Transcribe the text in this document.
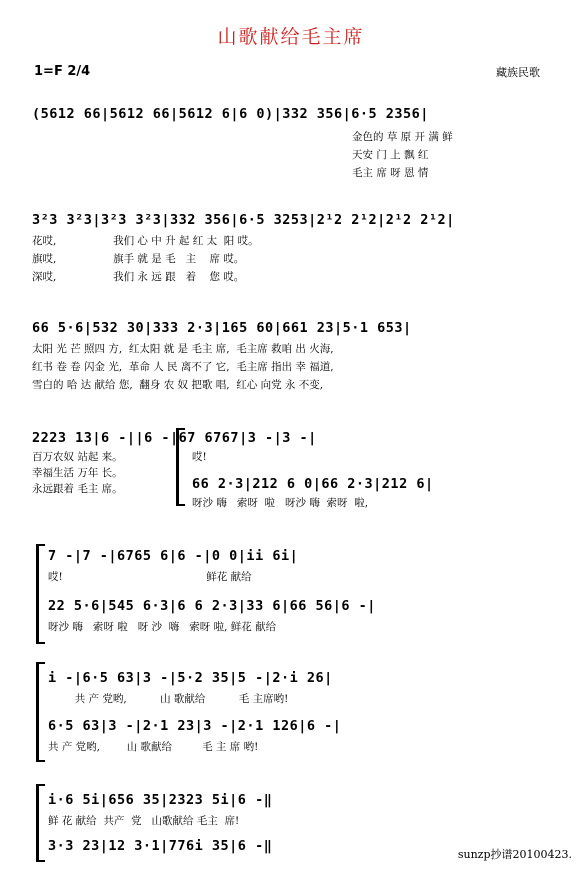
山歌献给毛主席
1=F 2/4	藏族民歌
(5612 66|5612 66|5612 6|6 0)|332 356|6·5 2356|
金色的 草 原 开 满 鲜
天安 门 上 飘 红
毛主 席 呀 恩 情
3²3 3²3|3²3 3²3|332 356|6·5 3253|2¹2 2¹2|2¹2 2¹2|
花哎,                 我们 心 中 升 起 红 太  阳 哎。
旗哎,                 旗手 就 是 毛   主    席 哎。
深哎,                 我们 永 远 跟   着    您 哎。
66 5·6|532 30|333 2·3|165 60|661 23|5·1 653|
太阳 光 芒 照四 方,  红太阳 就 是 毛主 席,  毛主席 救咱 出 火海,
红书 卷 卷 闪金 光,  革命 人 民 离不了 它,  毛主席 指出 幸 福道,
雪白的 哈 达 献给 您,  翻身 农 奴 把歌 唱,  红心 向党 永 不变,
2223 13|6 -||6 -|67 6767|3 -|3 -|
哎!
66 2·3|212 6 0|66 2·3|212 6|
呀沙 嗨   索呀  啦   呀沙 嗨  索呀  啦,
百万农奴 站起 来。
幸福生活 万年 长。
永远跟着 毛主 席。
7 -|7 -|6765 6|6 -|0 0|ii 6i|
哎!                                           鲜花 献给
22 5·6|545 6·3|6 6 2·3|33 6|66 56|6 -|
呀沙 嗨   索呀 啦   呀 沙  嗨   索呀 啦, 鲜花 献给
i -|6·5 63|3 -|5·2 35|5 -|2·i 26|
共 产 党哟,          山 歌献给          毛 主席哟!
6·5 63|3 -|2·1 23|3 -|2·1 126|6 -|
共 产 党哟,        山 歌献给         毛 主 席 哟!
i·6 5i|656 35|2323 5i|6 -‖
鲜 花 献给  共产  党   山歌献给 毛主  席!
3·3 23|12 3·1|776i 35|6 -‖
sunzp抄谱20100423.
